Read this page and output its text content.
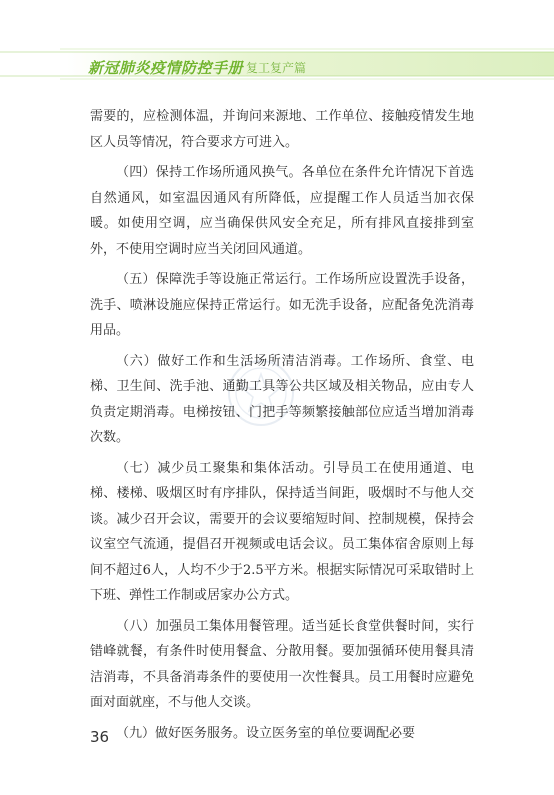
新冠肺炎疫情防控手册 复工复产篇

需要的，应检测体温，并询问来源地、工作单位、接触疫情发生地区人员等情况，符合要求方可进入。

（四）保持工作场所通风换气。各单位在条件允许情况下首选自然通风，如室温因通风有所降低，应提醒工作人员适当加衣保暖。如使用空调，应当确保供风安全充足，所有排风直接排到室外，不使用空调时应当关闭回风通道。

（五）保障洗手等设施正常运行。工作场所应设置洗手设备，洗手、喷淋设施应保持正常运行。如无洗手设备，应配备免洗消毒用品。

（六）做好工作和生活场所清洁消毒。工作场所、食堂、电梯、卫生间、洗手池、通勤工具等公共区域及相关物品，应由专人负责定期消毒。电梯按钮、门把手等频繁接触部位应适当增加消毒次数。

（七）减少员工聚集和集体活动。引导员工在使用通道、电梯、楼梯、吸烟区时有序排队，保持适当间距，吸烟时不与他人交谈。减少召开会议，需要开的会议要缩短时间、控制规模，保持会议室空气流通，提倡召开视频或电话会议。员工集体宿舍原则上每间不超过6人，人均不少于2.5平方米。根据实际情况可采取错时上下班、弹性工作制或居家办公方式。

（八）加强员工集体用餐管理。适当延长食堂供餐时间，实行错峰就餐，有条件时使用餐盒、分散用餐。要加强循环使用餐具清洁消毒，不具备消毒条件的要使用一次性餐具。员工用餐时应避免面对面就座，不与他人交谈。

（九）做好医务服务。设立医务室的单位要调配必要

36
